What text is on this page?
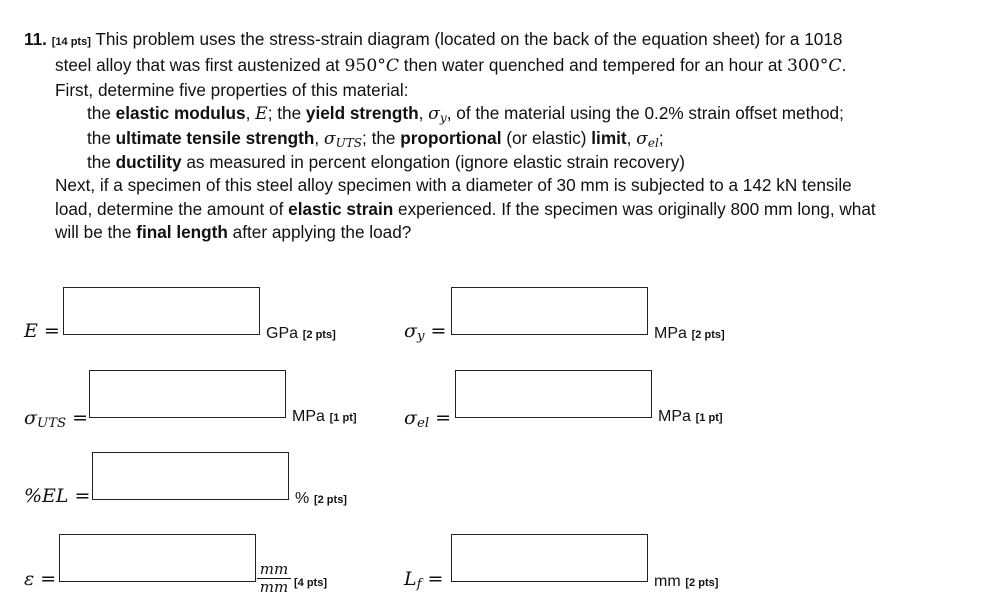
11. [14 pts] This problem uses the stress-strain diagram (located on the back of the equation sheet) for a 1018

steel alloy that was first austenized at 950°C then water quenched and tempered for an hour at 300°C.

First, determine five properties of this material:

the elastic modulus, E; the yield strength, $\sigma_y$, of the material using the 0.2% strain offset method;

the ultimate tensile strength, $\sigma_{UTS}$; the proportional (or elastic) limit, $\sigma_{el}$;

the ductility as measured in percent elongation (ignore elastic strain recovery)

Next, if a specimen of this steel alloy specimen with a diameter of 30 mm is subjected to a 142 kN tensile

load, determine the amount of elastic strain experienced. If the specimen was originally 800 mm long, what

will be the final length after applying the load?

E =	GPa [2 pts]	$\sigma_y$ =	MPa [2 pts]
$\sigma_{UTS}$ =	MPa [1 pt] $\sigma_{el}$ =	MPa [1 pt]
%EL =	% [2 pts]
ε =	$\frac{mm}{mm} [4$ pts]	$L_f$ =	mm [2 pts]
